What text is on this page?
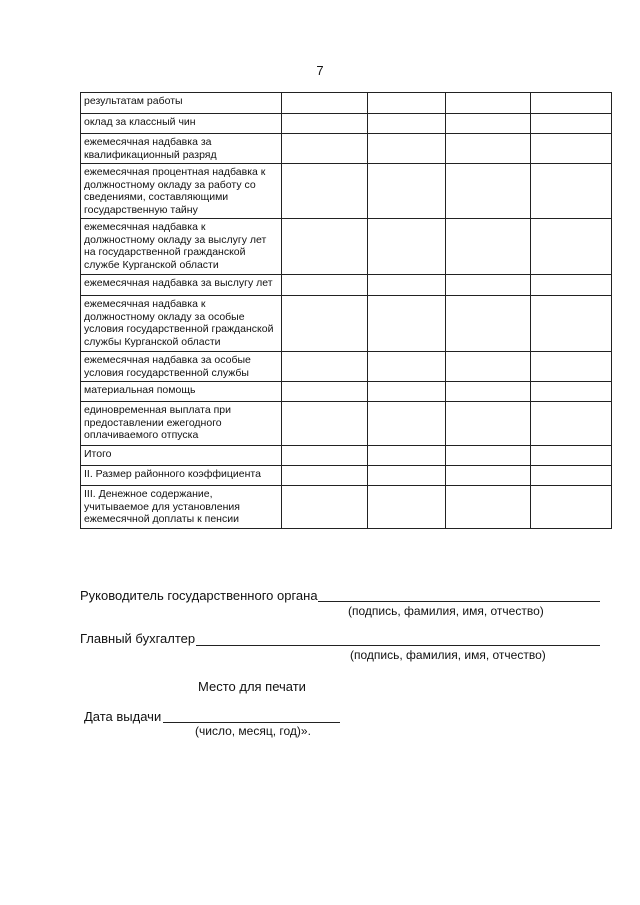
7
результатам работы				
оклад за классный чин				
ежемесячная надбавка за квалификационный разряд				
ежемесячная процентная надбавка к должностному окладу за работу со сведениями, составляющими государственную тайну				
ежемесячная надбавка к должностному окладу за выслугу лет на государственной гражданской службе Курганской области				
ежемесячная надбавка за выслугу лет				
ежемесячная надбавка к должностному окладу за особые условия государственной гражданской службы Курганской области				
ежемесячная надбавка за особые условия государственной службы				
материальная помощь				
единовременная выплата при предоставлении ежегодного оплачиваемого отпуска				
Итого				
II. Размер районного коэффициента				
III. Денежное содержание, учитываемое для установления ежемесячной доплаты к пенсии				
Руководитель государственного органа
(подпись, фамилия, имя, отчество)
Главный бухгалтер
(подпись, фамилия, имя, отчество)
Место для печати
Дата выдачи
(число, месяц, год)».
